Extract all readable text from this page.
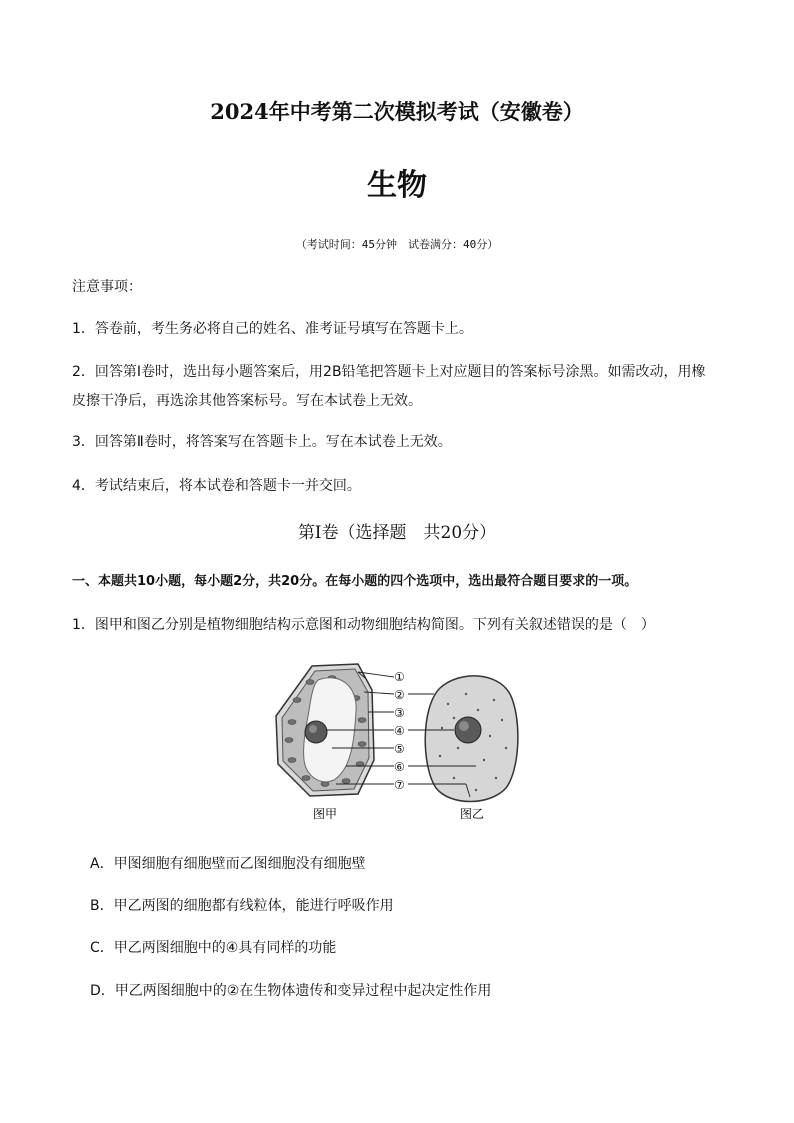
2024年中考第二次模拟考试（安徽卷）
生物
（考试时间：45分钟　试卷满分：40分）
注意事项：
1．答卷前，考生务必将自己的姓名、准考证号填写在答题卡上。
2．回答第Ⅰ卷时，选出每小题答案后，用2B铅笔把答题卡上对应题目的答案标号涂黑。如需改动，用橡
皮擦干净后，再选涂其他答案标号。写在本试卷上无效。
3．回答第Ⅱ卷时，将答案写在答题卡上。写在本试卷上无效。
4．考试结束后，将本试卷和答题卡一并交回。
第Ⅰ卷（选择题　共20分）
一、本题共10小题，每小题2分，共20分。在每小题的四个选项中，选出最符合题目要求的一项。
1．图甲和图乙分别是植物细胞结构示意图和动物细胞结构简图。下列有关叙述错误的是（　）
①
②
③
④
⑤
⑥
⑦
图甲	图乙
A．甲图细胞有细胞壁而乙图细胞没有细胞壁
B．甲乙两图的细胞都有线粒体，能进行呼吸作用
C．甲乙两图细胞中的④具有同样的功能
D．甲乙两图细胞中的②在生物体遗传和变异过程中起决定性作用
